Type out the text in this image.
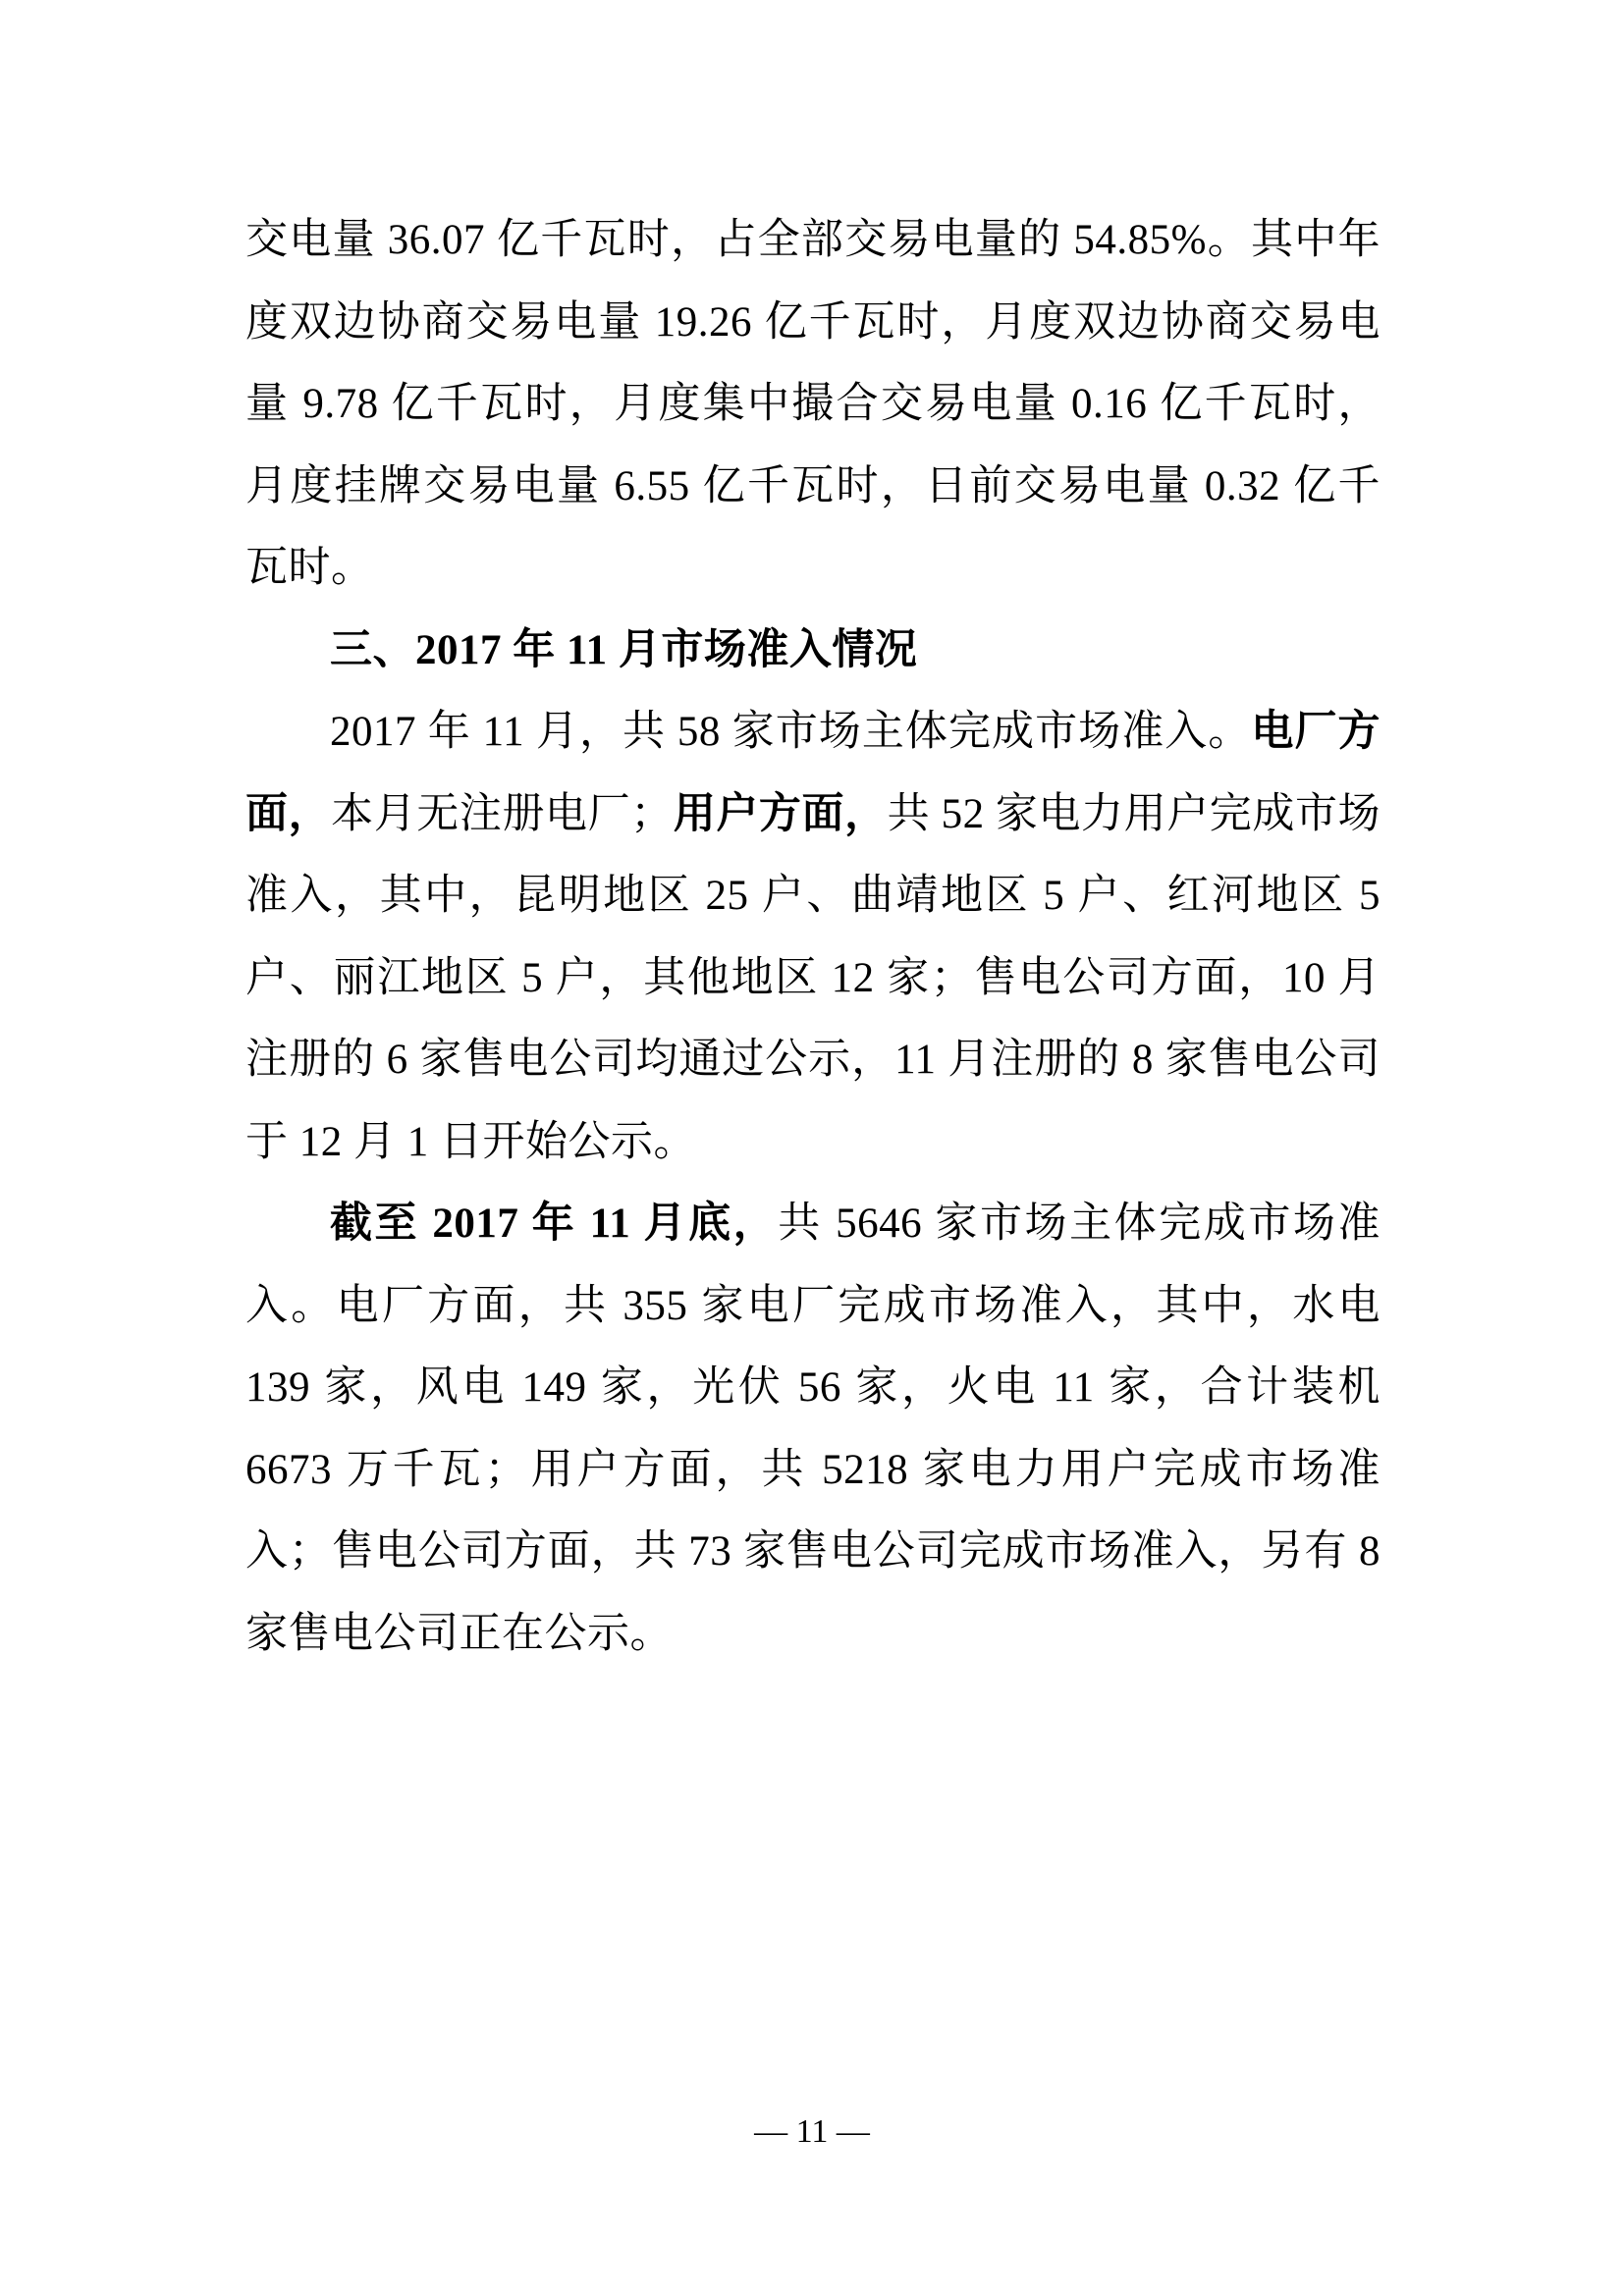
交电量 36.07 亿千瓦时，占全部交易电量的 54.85%。其中年度双边协商交易电量 19.26 亿千瓦时，月度双边协商交易电量 9.78 亿千瓦时，月度集中撮合交易电量 0.16 亿千瓦时，月度挂牌交易电量 6.55 亿千瓦时，日前交易电量 0.32 亿千瓦时。

三、2017 年 11 月市场准入情况

2017 年 11 月，共 58 家市场主体完成市场准入。电厂方面，本月无注册电厂；用户方面，共 52 家电力用户完成市场准入，其中，昆明地区 25 户、曲靖地区 5 户、红河地区 5 户、丽江地区 5 户，其他地区 12 家；售电公司方面，10 月注册的 6 家售电公司均通过公示，11 月注册的 8 家售电公司于 12 月 1 日开始公示。

截至 2017 年 11 月底，共 5646 家市场主体完成市场准入。电厂方面，共 355 家电厂完成市场准入，其中，水电 139 家，风电 149 家，光伏 56 家，火电 11 家，合计装机 6673 万千瓦；用户方面，共 5218 家电力用户完成市场准入；售电公司方面，共 73 家售电公司完成市场准入，另有 8 家售电公司正在公示。

— 11 —
